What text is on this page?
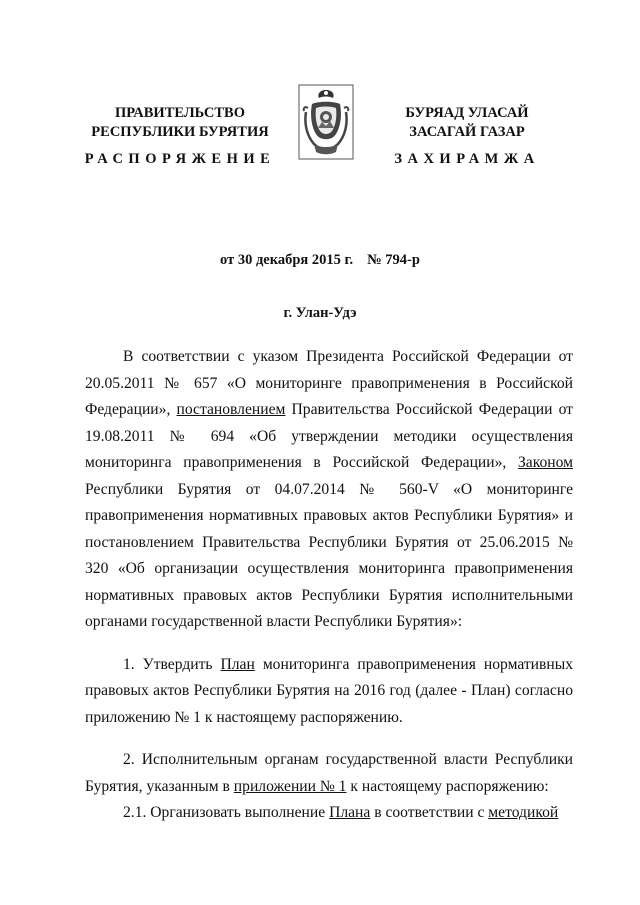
ПРАВИТЕЛЬСТВО
РЕСПУБЛИКИ БУРЯТИЯ
РАСПОРЯЖЕНИЕ
БУРЯАД УЛАСАЙ
ЗАСАГАЙ ГАЗАР
ЗАХИРАМЖА
от 30 декабря 2015 г. № 794-р
г. Улан-Удэ

В соответствии с указом Президента Российской Федерации от 20.05.2011 № 657 «О мониторинге правоприменения в Российской Федерации», постановлением Правительства Российской Федерации от 19.08.2011 № 694 «Об утверждении методики осуществления мониторинга правоприменения в Российской Федерации», Законом Республики Бурятия от 04.07.2014 № 560-V «О мониторинге правоприменения нормативных правовых актов Республики Бурятия» и постановлением Правительства Республики Бурятия от 25.06.2015 № 320 «Об организации осуществления мониторинга правоприменения нормативных правовых актов Республики Бурятия исполнительными органами государственной власти Республики Бурятия»:

1. Утвердить План мониторинга правоприменения нормативных правовых актов Республики Бурятия на 2016 год (далее - План) согласно приложению № 1 к настоящему распоряжению.

2. Исполнительным органам государственной власти Республики Бурятия, указанным в приложении № 1 к настоящему распоряжению:

2.1. Организовать выполнение Плана в соответствии с методикой
